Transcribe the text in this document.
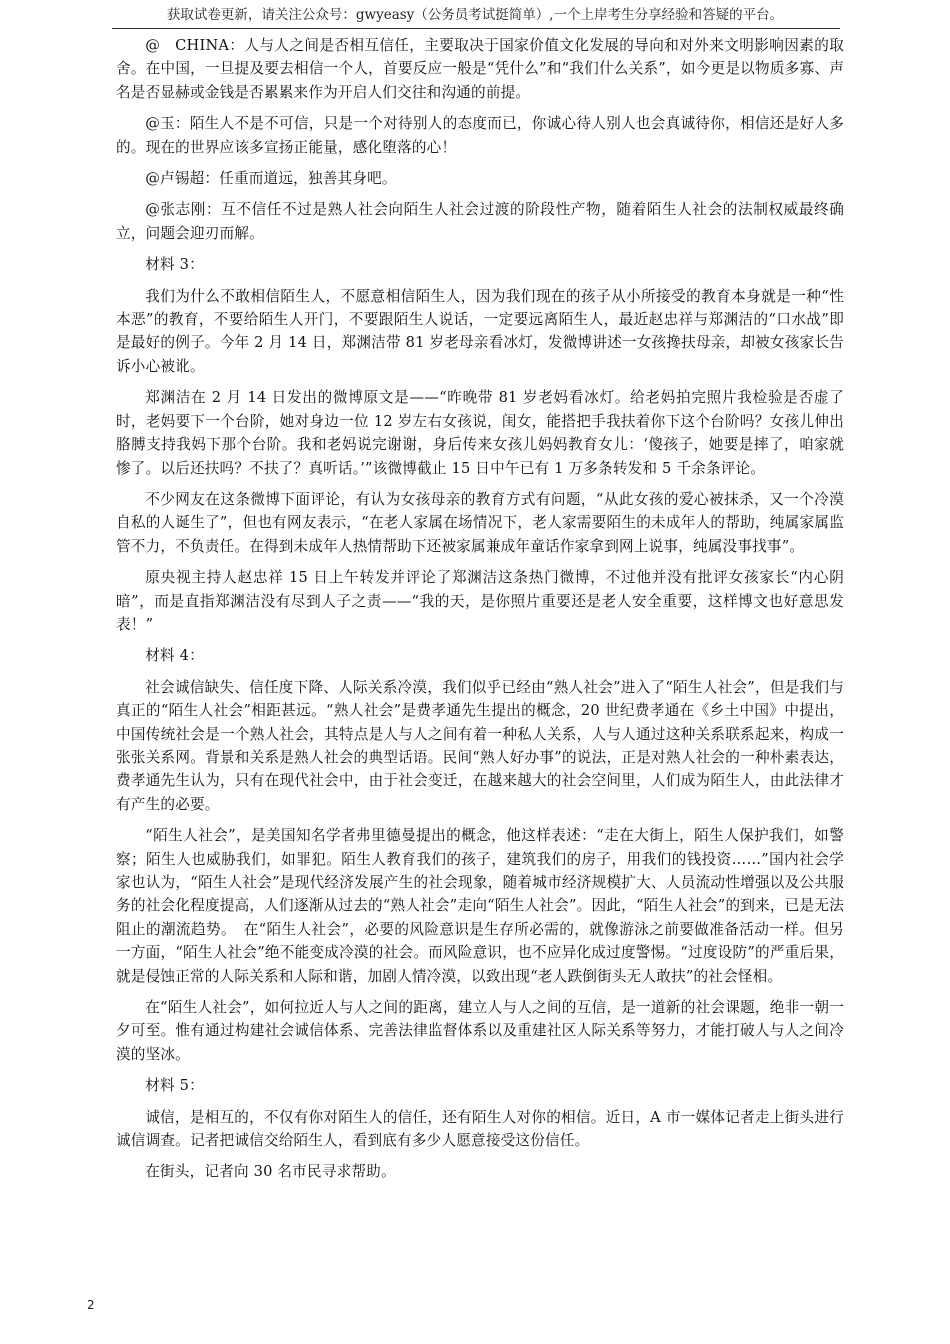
获取试卷更新，请关注公众号：gwyeasy（公务员考试挺简单）,一个上岸考生分享经验和答疑的平台。

@　CHINA：人与人之间是否相互信任，主要取决于国家价值文化发展的导向和对外来文明影响因素的取舍。在中国，一旦提及要去相信一个人，首要反应一般是“凭什么”和“我们什么关系”，如今更是以物质多寡、声名是否显赫或金钱是否累累来作为开启人们交往和沟通的前提。

@玉：陌生人不是不可信，只是一个对待别人的态度而已，你诚心待人别人也会真诚待你，相信还是好人多的。现在的世界应该多宣扬正能量，感化堕落的心！

@卢锡超：任重而道远，独善其身吧。

@张志刚：互不信任不过是熟人社会向陌生人社会过渡的阶段性产物，随着陌生人社会的法制权威最终确立，问题会迎刃而解。

材料 3：

我们为什么不敢相信陌生人，不愿意相信陌生人，因为我们现在的孩子从小所接受的教育本身就是一种“性本恶”的教育，不要给陌生人开门，不要跟陌生人说话，一定要远离陌生人，最近赵忠祥与郑渊洁的“口水战”即是最好的例子。今年 2 月 14 日，郑渊洁带 81 岁老母亲看冰灯，发微博讲述一女孩搀扶母亲，却被女孩家长告诉小心被讹。

郑渊洁在 2 月 14 日发出的微博原文是——“昨晚带 81 岁老妈看冰灯。给老妈拍完照片我检验是否虚了时，老妈要下一个台阶，她对身边一位 12 岁左右女孩说，闺女，能搭把手我扶着你下这个台阶吗？女孩儿伸出胳膊支持我妈下那个台阶。我和老妈说完谢谢，身后传来女孩儿妈妈教育女儿：‘傻孩子，她要是摔了，咱家就惨了。以后还扶吗？不扶了？真听话。’”该微博截止 15 日中午已有 1 万多条转发和 5 千余条评论。

不少网友在这条微博下面评论，有认为女孩母亲的教育方式有问题，“从此女孩的爱心被抹杀，又一个冷漠自私的人诞生了”，但也有网友表示，“在老人家属在场情况下，老人家需要陌生的未成年人的帮助，纯属家属监管不力，不负责任。在得到未成年人热情帮助下还被家属兼成年童话作家拿到网上说事，纯属没事找事”。

原央视主持人赵忠祥 15 日上午转发并评论了郑渊洁这条热门微博，不过他并没有批评女孩家长“内心阴暗”，而是直指郑渊洁没有尽到人子之责——“我的天，是你照片重要还是老人安全重要，这样博文也好意思发表！”

材料 4：

社会诚信缺失、信任度下降、人际关系冷漠，我们似乎已经由“熟人社会”进入了“陌生人社会”，但是我们与真正的“陌生人社会”相距甚远。“熟人社会”是费孝通先生提出的概念，20 世纪费孝通在《乡土中国》中提出，中国传统社会是一个熟人社会，其特点是人与人之间有着一种私人关系，人与人通过这种关系联系起来，构成一张张关系网。背景和关系是熟人社会的典型话语。民间“熟人好办事”的说法，正是对熟人社会的一种朴素表达，费孝通先生认为，只有在现代社会中，由于社会变迁，在越来越大的社会空间里，人们成为陌生人，由此法律才有产生的必要。

“陌生人社会”，是美国知名学者弗里德曼提出的概念，他这样表述：“走在大街上，陌生人保护我们，如警察；陌生人也威胁我们，如罪犯。陌生人教育我们的孩子，建筑我们的房子，用我们的钱投资……”国内社会学家也认为，“陌生人社会”是现代经济发展产生的社会现象，随着城市经济规模扩大、人员流动性增强以及公共服务的社会化程度提高，人们逐渐从过去的“熟人社会”走向“陌生人社会”。因此，“陌生人社会”的到来，已是无法阻止的潮流趋势。　在“陌生人社会”，必要的风险意识是生存所必需的，就像游泳之前要做准备活动一样。但另一方面，“陌生人社会”绝不能变成冷漠的社会。而风险意识，也不应异化成过度警惕。“过度设防”的严重后果，就是侵蚀正常的人际关系和人际和谐，加剧人情冷漠，以致出现“老人跌倒街头无人敢扶”的社会怪相。

在“陌生人社会”，如何拉近人与人之间的距离，建立人与人之间的互信，是一道新的社会课题，绝非一朝一夕可至。惟有通过构建社会诚信体系、完善法律监督体系以及重建社区人际关系等努力，才能打破人与人之间冷漠的坚冰。

材料 5：

诚信，是相互的，不仅有你对陌生人的信任，还有陌生人对你的相信。近日，A 市一媒体记者走上街头进行诚信调查。记者把诚信交给陌生人，看到底有多少人愿意接受这份信任。

在街头，记者向 30 名市民寻求帮助。

2
